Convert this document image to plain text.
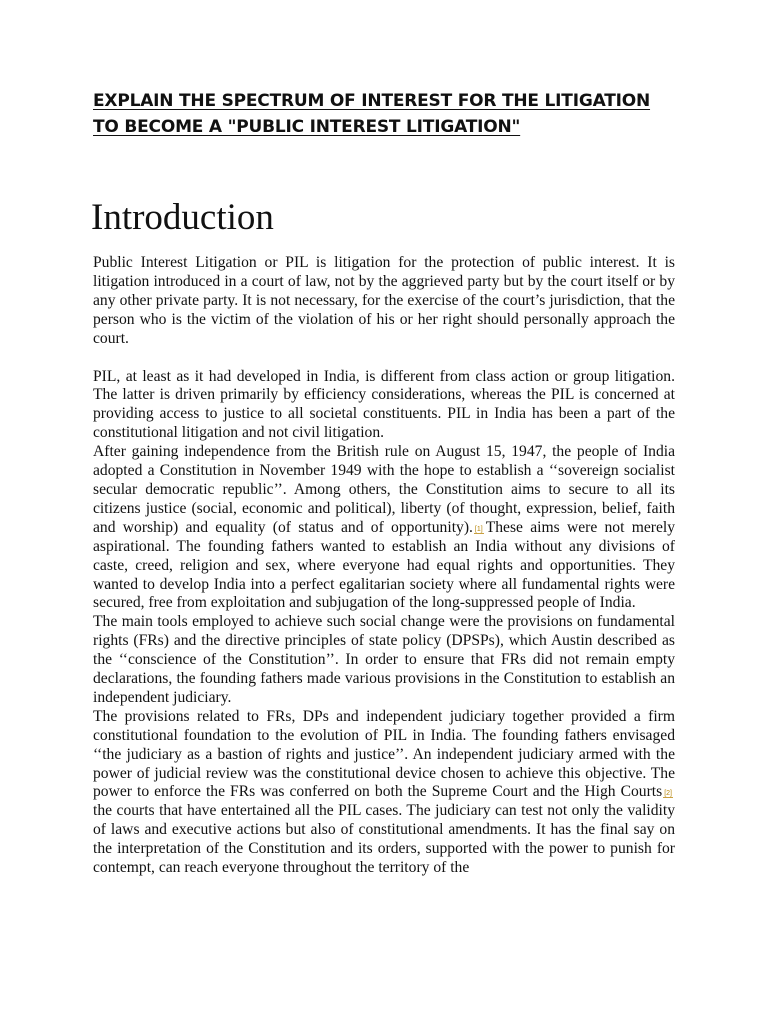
EXPLAIN THE SPECTRUM OF INTEREST FOR THE LITIGATION
TO BECOME A "PUBLIC INTEREST LITIGATION"
Introduction

Public Interest Litigation or PIL is litigation for the protection of public interest. It is litigation introduced in a court of law, not by the aggrieved party but by the court itself or by any other private party. It is not necessary, for the exercise of the court’s jurisdiction, that the person who is the victim of the violation of his or her right should personally approach the court.

PIL, at least as it had developed in India, is different from class action or group litigation. The latter is driven primarily by efficiency considerations, whereas the PIL is concerned at providing access to justice to all societal constituents. PIL in India has been a part of the constitutional litigation and not civil litigation.

After gaining independence from the British rule on August 15, 1947, the people of India adopted a Constitution in November 1949 with the hope to establish a ‘‘sovereign socialist secular democratic republic’’. Among others, the Constitution aims to secure to all its citizens justice (social, economic and political), liberty (of thought, expression, belief, faith and worship) and equality (of status and of opportunity). [1] These aims were not merely aspirational. The founding fathers wanted to establish an India without any divisions of caste, creed, religion and sex, where everyone had equal rights and opportunities. They wanted to develop India into a perfect egalitarian society where all fundamental rights were secured, free from exploitation and subjugation of the long-suppressed people of India.

The main tools employed to achieve such social change were the provisions on fundamental rights (FRs) and the directive principles of state policy (DPSPs), which Austin described as the ‘‘conscience of the Constitution’’. In order to ensure that FRs did not remain empty declarations, the founding fathers made various provisions in the Constitution to establish an independent judiciary.

The provisions related to FRs, DPs and independent judiciary together provided a firm constitutional foundation to the evolution of PIL in India. The founding fathers envisaged ‘‘the judiciary as a bastion of rights and justice’’. An independent judiciary armed with the power of judicial review was the constitutional device chosen to achieve this objective. The power to enforce the FRs was conferred on both the Supreme Court and the High Courts [2]the courts that have entertained all the PIL cases. The judiciary can test not only the validity of laws and executive actions but also of constitutional amendments. It has the final say on the interpretation of the Constitution and its orders, supported with the power to punish for contempt, can reach everyone throughout the territory of the
